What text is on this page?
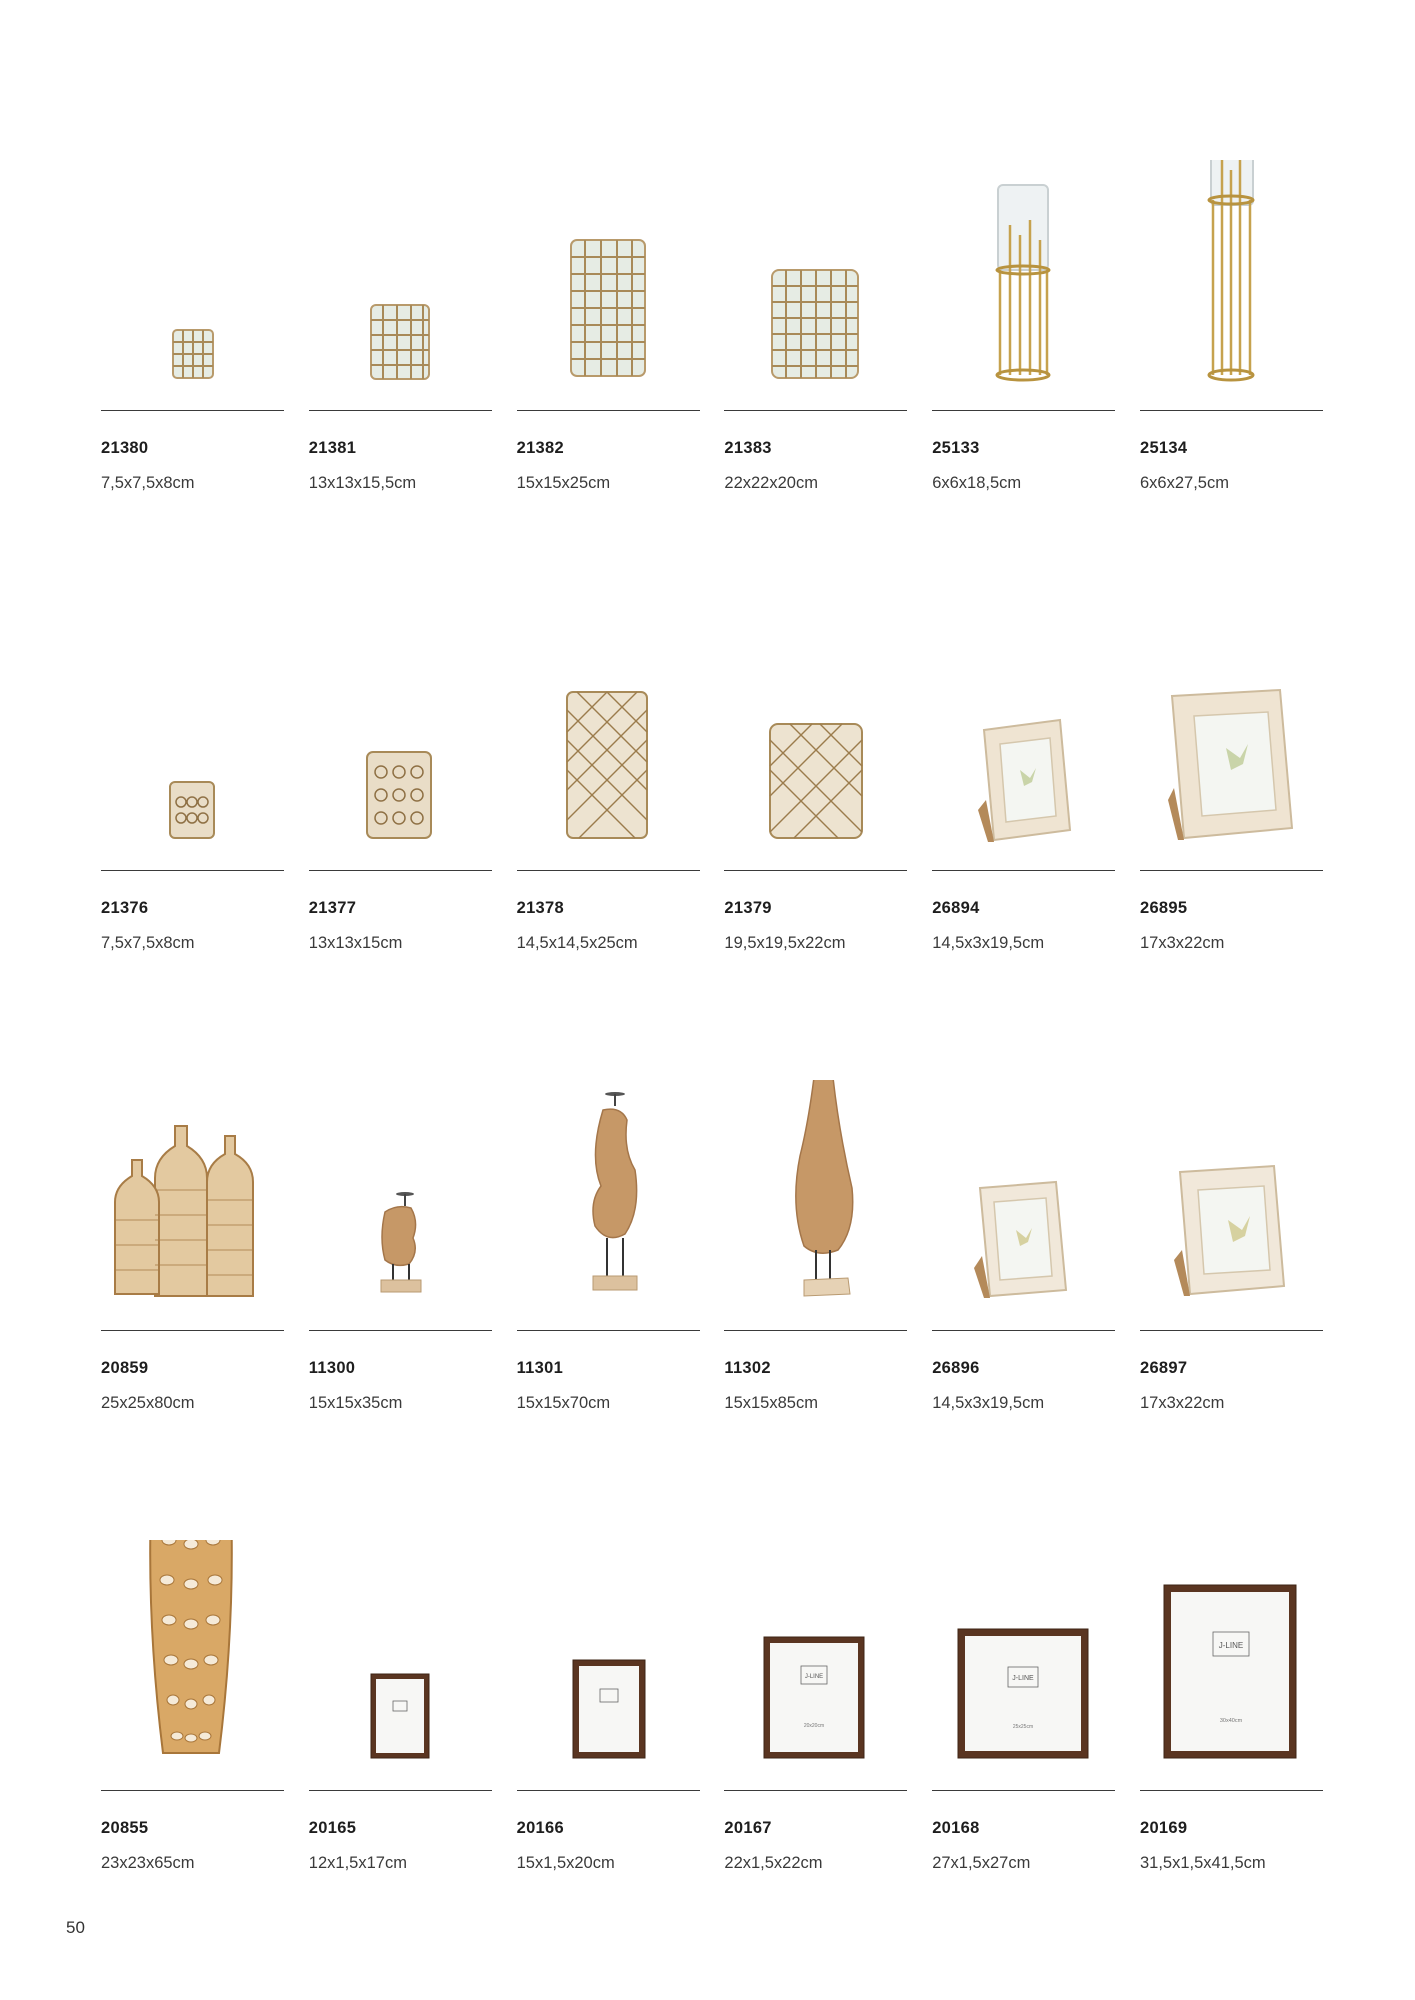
21380
7,5x7,5x8cm
21381
13x13x15,5cm
21382
15x15x25cm
21383
22x22x20cm
25133
6x6x18,5cm
25134
6x6x27,5cm
21376
7,5x7,5x8cm
21377
13x13x15cm
21378
14,5x14,5x25cm
21379
19,5x19,5x22cm
26894
14,5x3x19,5cm
26895
17x3x22cm
20859
25x25x80cm
11300
15x15x35cm
11301
15x15x70cm
11302
15x15x85cm
26896
14,5x3x19,5cm
26897
17x3x22cm
20855
23x23x65cm
20165
12x1,5x17cm
20166
15x1,5x20cm
J-LINE
20x20cm
20167
22x1,5x22cm
J-LINE
25x25cm
20168
27x1,5x27cm
J-LINE
30x40cm
20169
31,5x1,5x41,5cm
50
